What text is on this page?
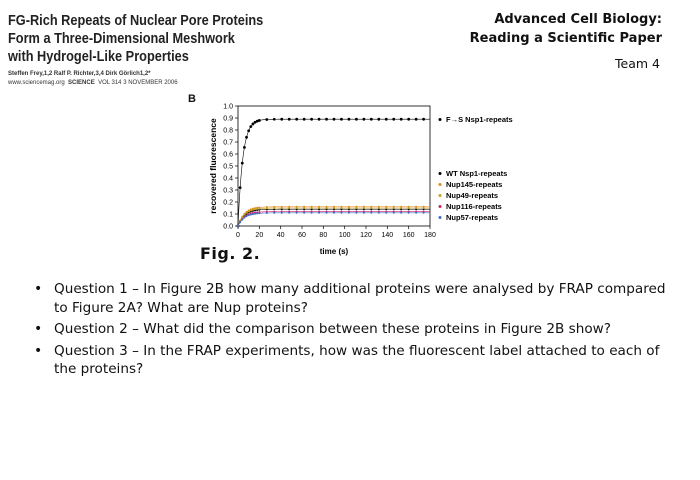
FG-Rich Repeats of Nuclear Pore Proteins
Form a Three-Dimensional Meshwork
with Hydrogel-Like Properties
Steffen Frey,1,2 Ralf P. Richter,3,4 Dirk Görlich1,2*
www.sciencemag.org SCIENCE VOL 314 3 NOVEMBER 2006
Advanced Cell Biology:
Reading a Scientific Paper
Team 4
B
0.0
0.1
0.2
0.3
0.4
0.5
0.6
0.7
0.8
0.9
1.0
0 20 40 60 80 100 120 140 160 180
time (s)
recovered fluorescence	F→S Nsp1-repeats
WT Nsp1-repeats
Nup145-repeats
Nup49-repeats
Nup116-repeats
Nup57-repeats
Fig. 2.
• Question 1 – In Figure 2B how many additional proteins were analysed by FRAP compared to Figure 2A? What are Nup proteins?
• Question 2 – What did the comparison between these proteins in Figure 2B show?
• Question 3 – In the FRAP experiments, how was the fluorescent label attached to each of the proteins?
